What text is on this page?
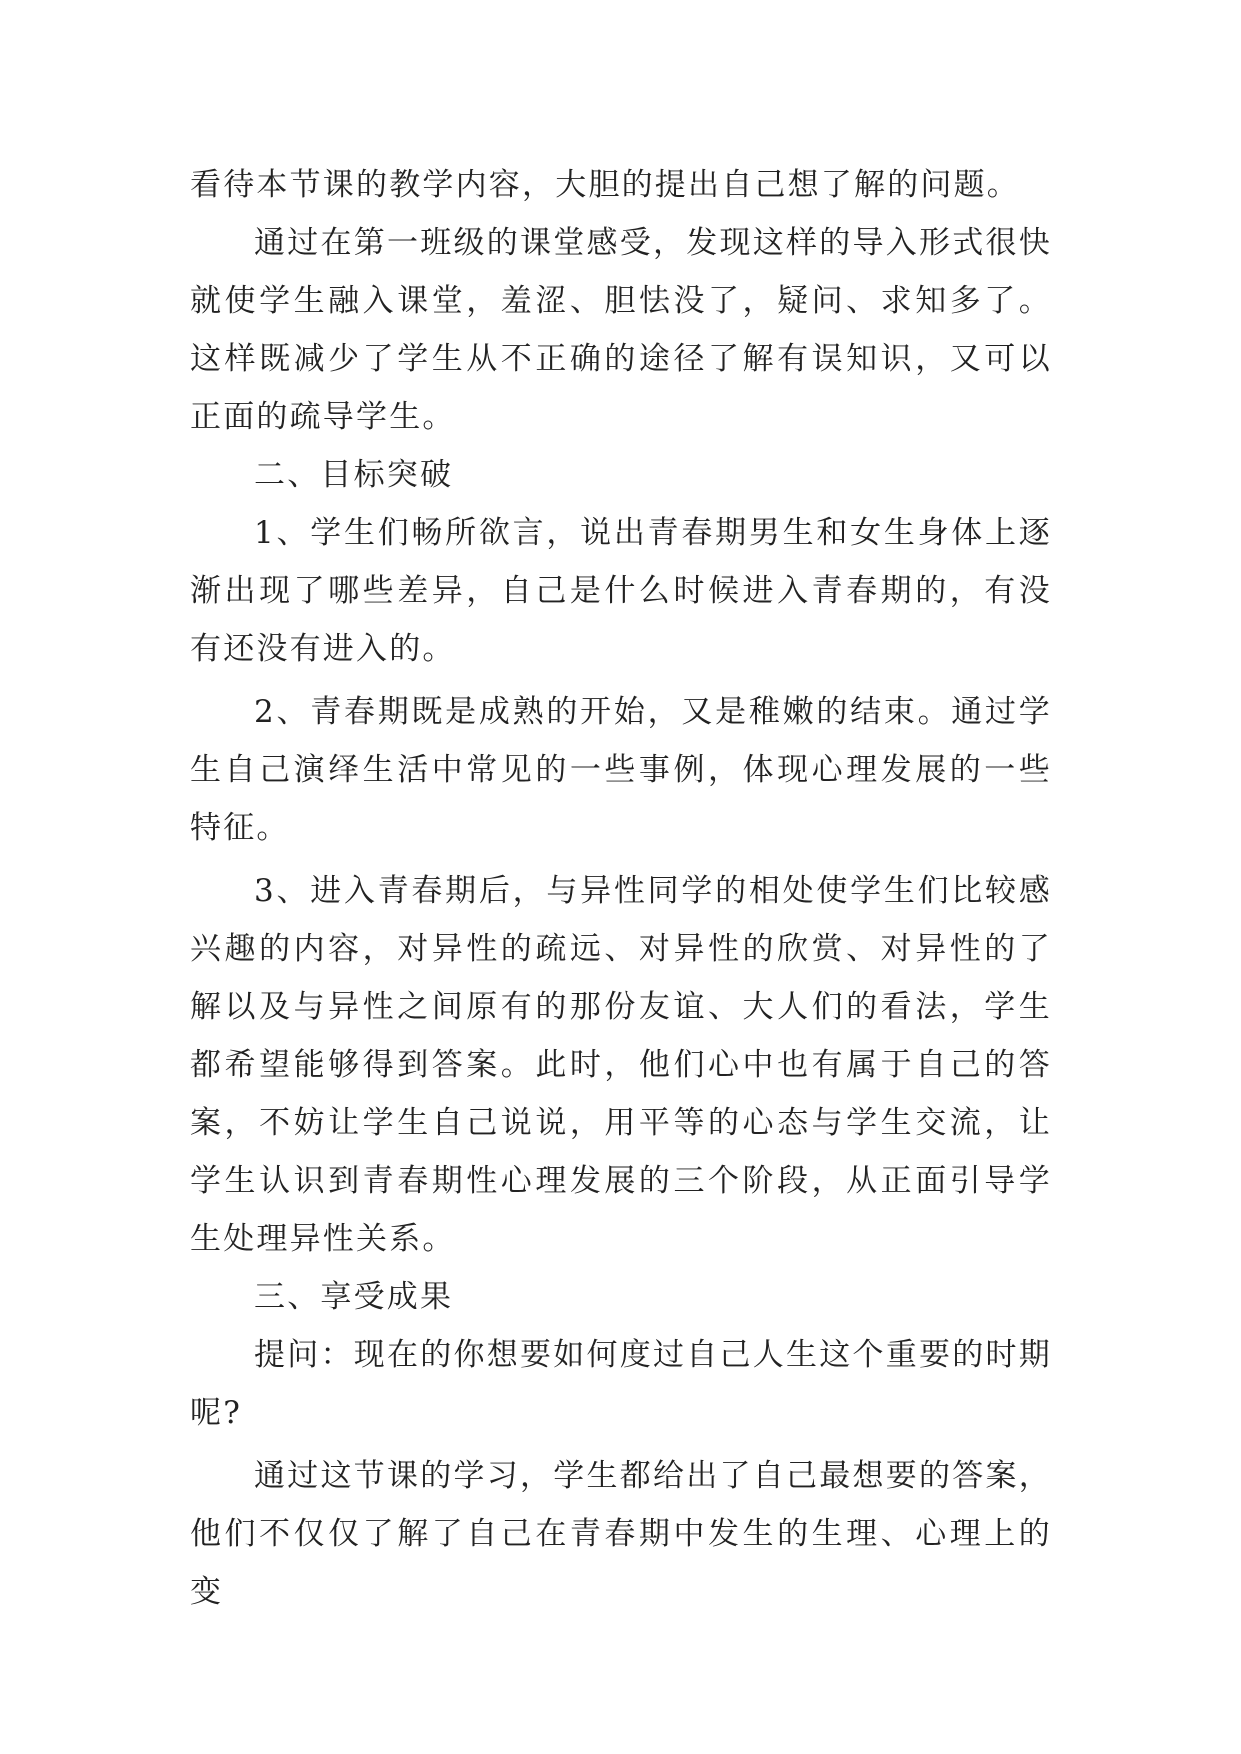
看待本节课的教学内容，大胆的提出自己想了解的问题。

通过在第一班级的课堂感受，发现这样的导入形式很快就使学生融入课堂，羞涩、胆怯没了，疑问、求知多了。这样既减少了学生从不正确的途径了解有误知识，又可以正面的疏导学生。

二、目标突破

1、学生们畅所欲言，说出青春期男生和女生身体上逐渐出现了哪些差异，自己是什么时候进入青春期的，有没有还没有进入的。

2、青春期既是成熟的开始，又是稚嫩的结束。通过学生自己演绎生活中常见的一些事例，体现心理发展的一些特征。

3、进入青春期后，与异性同学的相处使学生们比较感兴趣的内容，对异性的疏远、对异性的欣赏、对异性的了解以及与异性之间原有的那份友谊、大人们的看法，学生都希望能够得到答案。此时，他们心中也有属于自己的答案，不妨让学生自己说说，用平等的心态与学生交流，让学生认识到青春期性心理发展的三个阶段，从正面引导学生处理异性关系。

三、享受成果

提问：现在的你想要如何度过自己人生这个重要的时期呢?

通过这节课的学习，学生都给出了自己最想要的答案，他们不仅仅了解了自己在青春期中发生的生理、心理上的变
